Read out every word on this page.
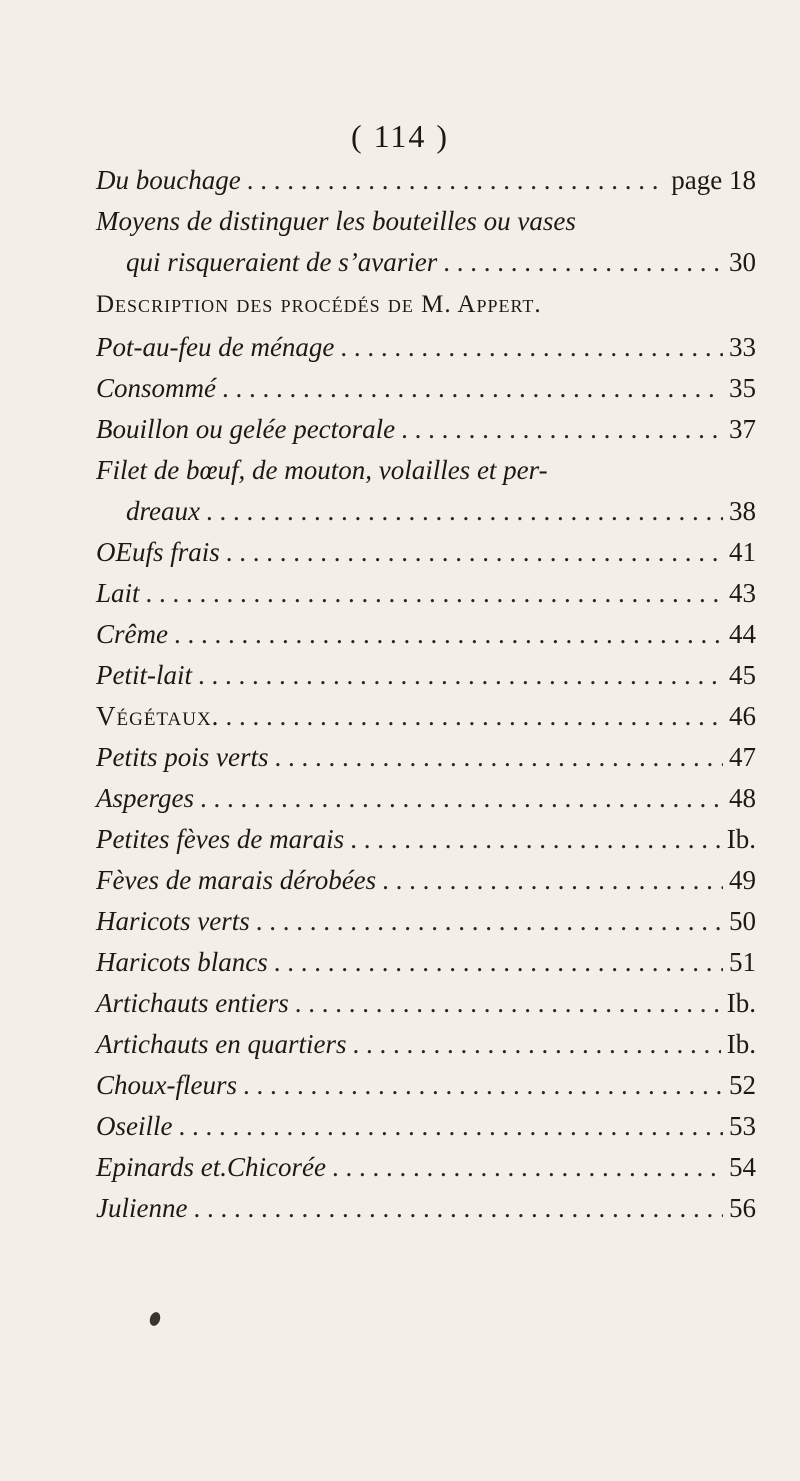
( 114 )
Du bouchage . . .	page 18
Moyens de distinguer les bouteilles ou vases
qui risqueraient de s’avarier . . .	30
Description des procédés de M. Appert.
Pot-au-feu de ménage . . .	33
Consommé . . .	35
Bouillon ou gelée pectorale . . .	37
Filet de bœuf, de mouton, volailles et per-
dreaux . . .	38
OEufs frais . . .	41
Lait . . .	43
Crême . . .	44
Petit-lait . . .	45
Végétaux. . . .	46
Petits pois verts . . .	47
Asperges . . .	48
Petites fèves de marais . . .	Ib.
Fèves de marais dérobées . . .	49
Haricots verts . . .	50
Haricots blancs . . .	51
Artichauts entiers . . .	Ib.
Artichauts en quartiers . . .	Ib.
Choux-fleurs . . .	52
Oseille . . .	53
Epinards et.Chicorée . . .	54
Julienne . . .	56
